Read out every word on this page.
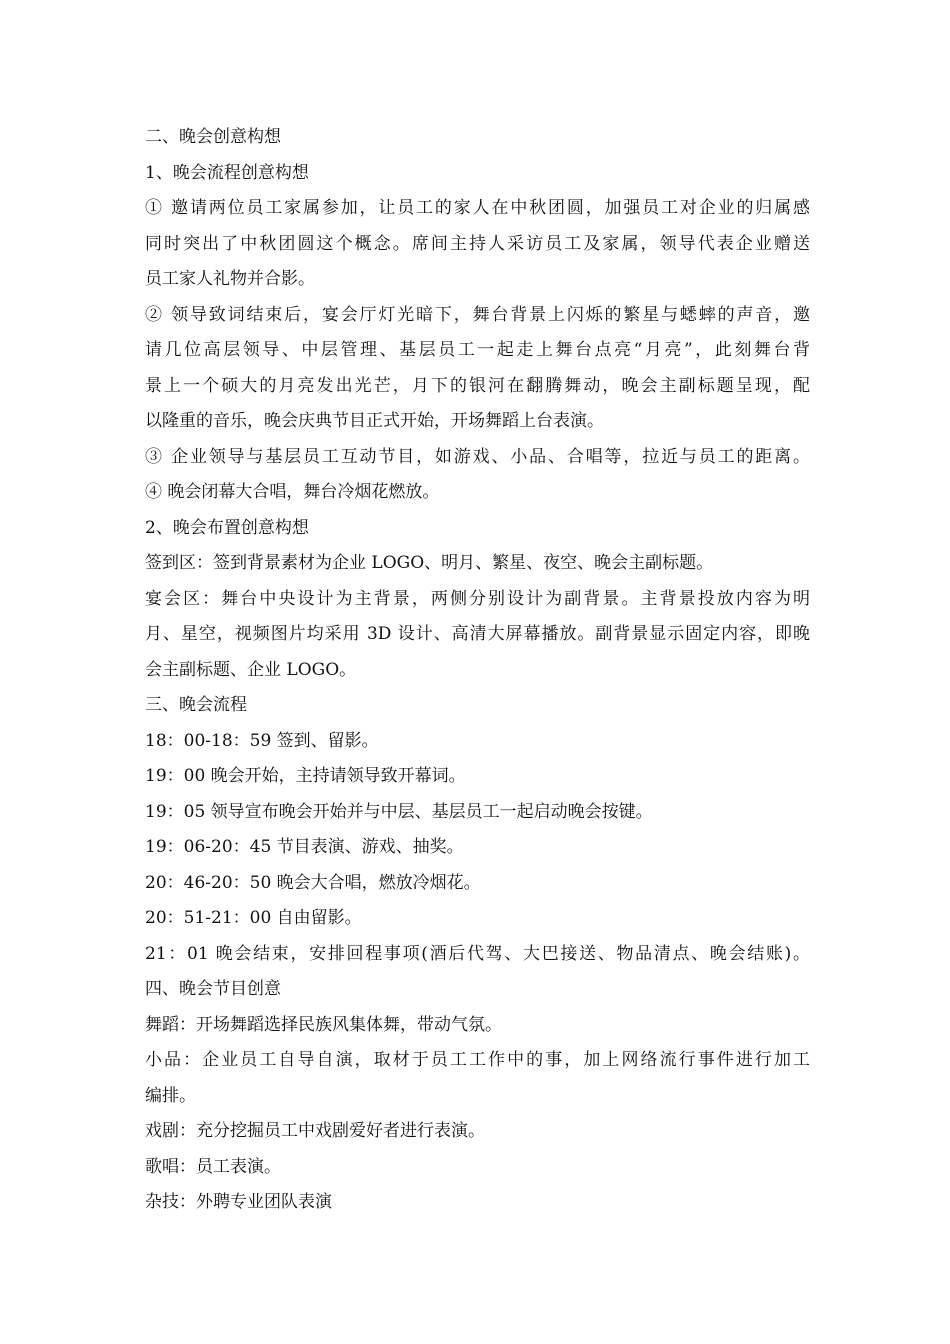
二、晚会创意构想
1、晚会流程创意构想
① 邀请两位员工家属参加，让员工的家人在中秋团圆，加强员工对企业的归属感
同时突出了中秋团圆这个概念。席间主持人采访员工及家属，领导代表企业赠送
员工家人礼物并合影。
② 领导致词结束后，宴会厅灯光暗下，舞台背景上闪烁的繁星与蟋蟀的声音，邀
请几位高层领导、中层管理、基层员工一起走上舞台点亮“月亮”，此刻舞台背
景上一个硕大的月亮发出光芒，月下的银河在翻腾舞动，晚会主副标题呈现，配
以隆重的音乐，晚会庆典节目正式开始，开场舞蹈上台表演。
③ 企业领导与基层员工互动节目，如游戏、小品、合唱等，拉近与员工的距离。
④ 晚会闭幕大合唱，舞台冷烟花燃放。
2、晚会布置创意构想
签到区：签到背景素材为企业 LOGO、明月、繁星、夜空、晚会主副标题。
宴会区：舞台中央设计为主背景，两侧分别设计为副背景。主背景投放内容为明
月、星空，视频图片均采用 3D 设计、高清大屏幕播放。副背景显示固定内容，即晚
会主副标题、企业 LOGO。
三、晚会流程
18：00-18：59 签到、留影。
19：00 晚会开始，主持请领导致开幕词。
19：05 领导宣布晚会开始并与中层、基层员工一起启动晚会按键。
19：06-20：45 节目表演、游戏、抽奖。
20：46-20：50 晚会大合唱，燃放冷烟花。
20：51-21：00 自由留影。
21：01 晚会结束，安排回程事项(酒后代驾、大巴接送、物品清点、晚会结账)。
四、晚会节目创意
舞蹈：开场舞蹈选择民族风集体舞，带动气氛。
小品：企业员工自导自演，取材于员工工作中的事，加上网络流行事件进行加工
编排。
戏剧：充分挖掘员工中戏剧爱好者进行表演。
歌唱：员工表演。
杂技：外聘专业团队表演
